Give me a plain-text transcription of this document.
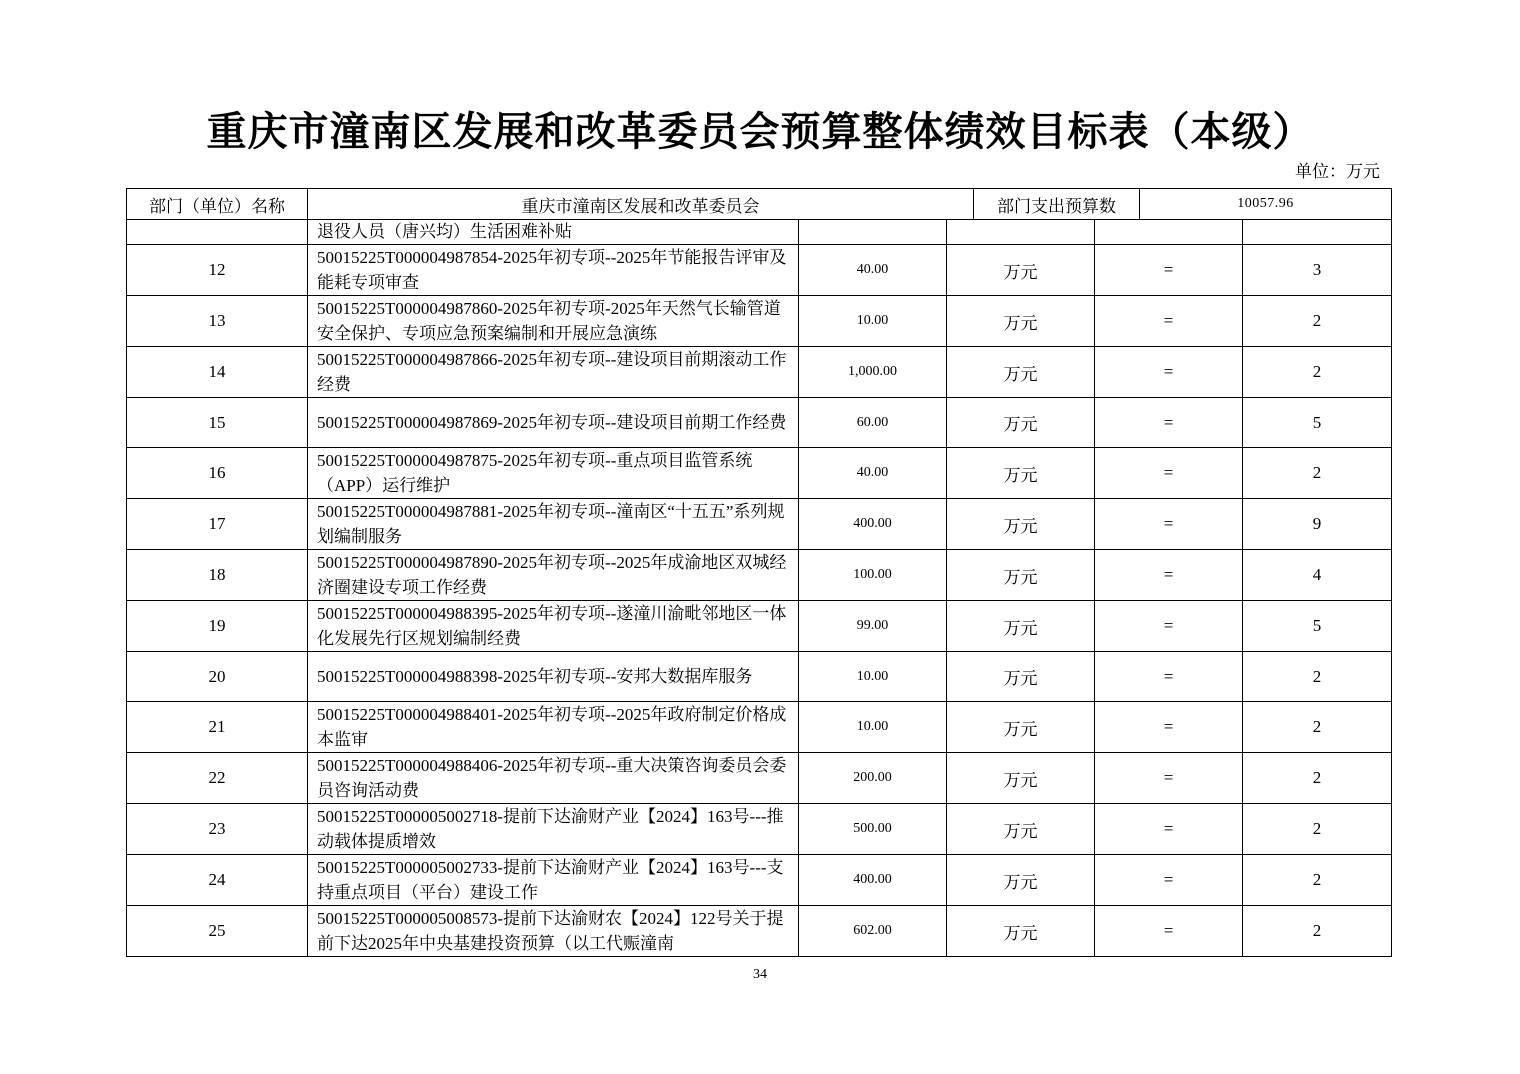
重庆市潼南区发展和改革委员会预算整体绩效目标表（本级）
单位：万元
部门（单位）名称	重庆市潼南区发展和改革委员会	部门支出预算数	10057.96
	退役人员（唐兴均）生活困难补贴				
12	50015225T000004987854-2025年初专项--2025年节能报告评审及能耗专项审查	40.00	万元	=	3
13	50015225T000004987860-2025年初专项-2025年天然气长输管道安全保护、专项应急预案编制和开展应急演练	10.00	万元	=	2
14	50015225T000004987866-2025年初专项--建设项目前期滚动工作经费	1,000.00	万元	=	2
15	50015225T000004987869-2025年初专项--建设项目前期工作经费	60.00	万元	=	5
16	50015225T000004987875-2025年初专项--重点项目监管系统（APP）运行维护	40.00	万元	=	2
17	50015225T000004987881-2025年初专项--潼南区“十五五”系列规划编制服务	400.00	万元	=	9
18	50015225T000004987890-2025年初专项--2025年成渝地区双城经济圈建设专项工作经费	100.00	万元	=	4
19	50015225T000004988395-2025年初专项--遂潼川渝毗邻地区一体化发展先行区规划编制经费	99.00	万元	=	5
20	50015225T000004988398-2025年初专项--安邦大数据库服务	10.00	万元	=	2
21	50015225T000004988401-2025年初专项--2025年政府制定价格成本监审	10.00	万元	=	2
22	50015225T000004988406-2025年初专项--重大决策咨询委员会委员咨询活动费	200.00	万元	=	2
23	50015225T000005002718-提前下达渝财产业【2024】163号---推动载体提质增效	500.00	万元	=	2
24	50015225T000005002733-提前下达渝财产业【2024】163号---支持重点项目（平台）建设工作	400.00	万元	=	2
25	50015225T000005008573-提前下达渝财农【2024】122号关于提前下达2025年中央基建投资预算（以工代赈潼南	602.00	万元	=	2
34
